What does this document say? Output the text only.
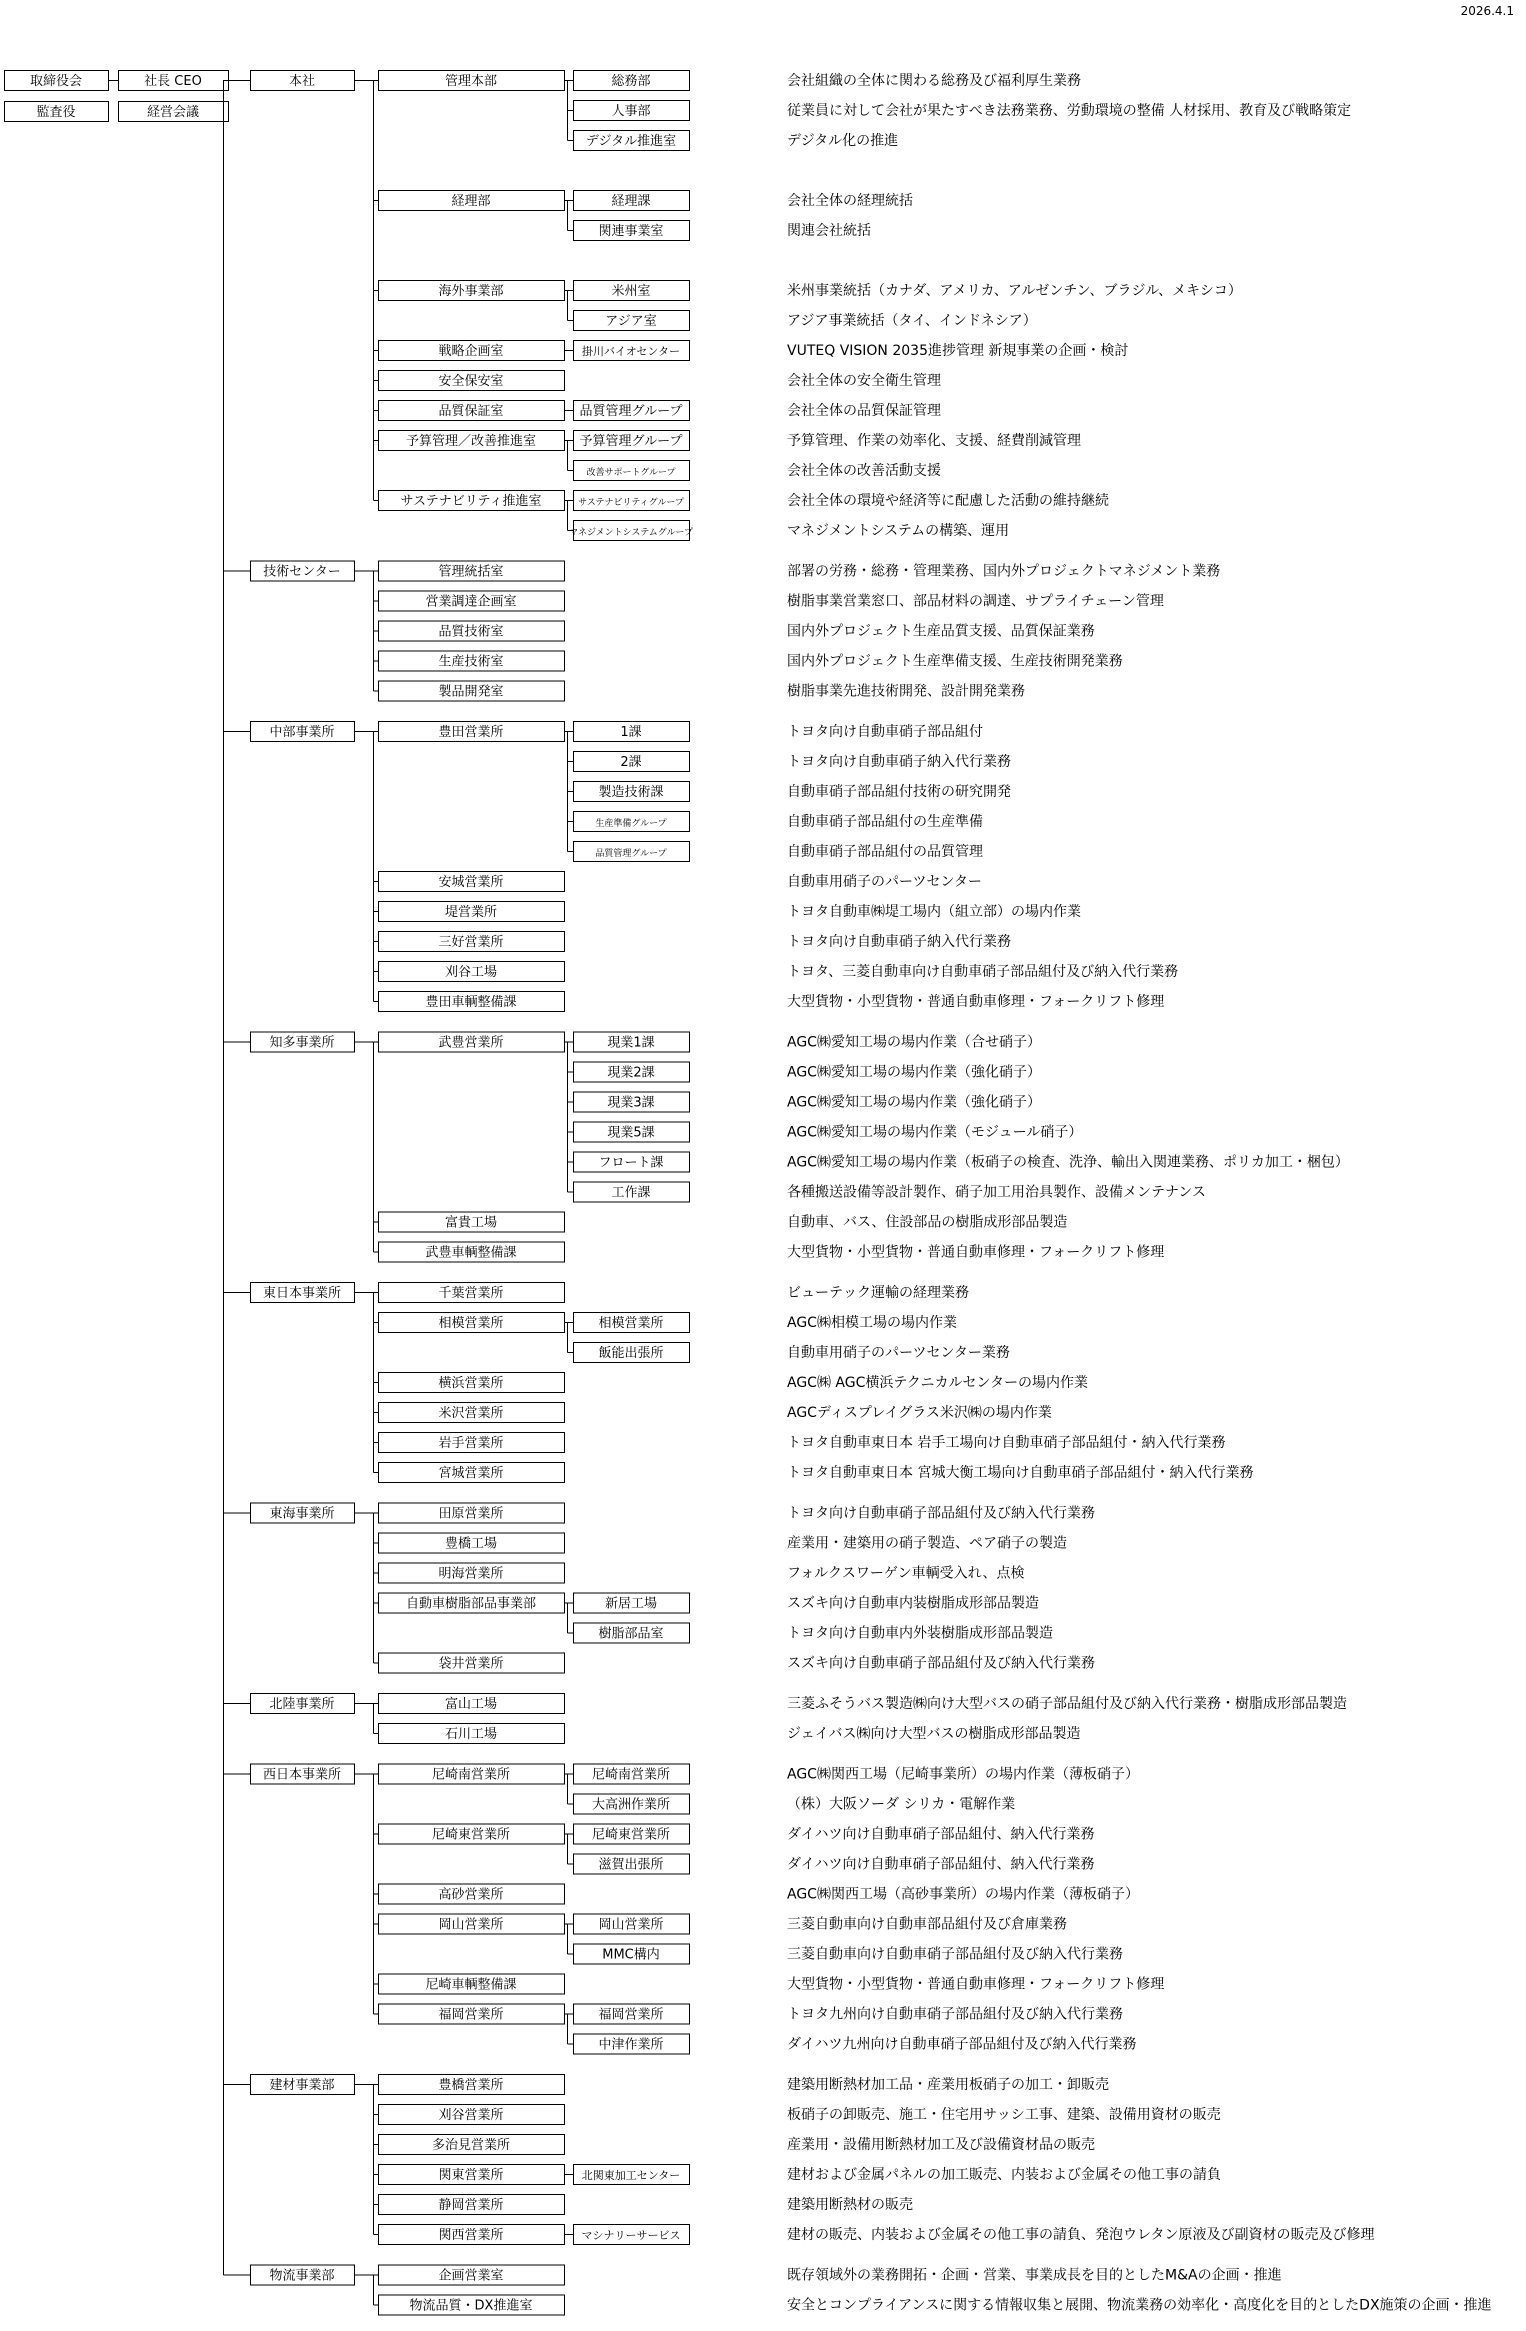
2026.4.1
取締役会	社長 CEO
監査役	経営会議
本社	管理本部	総務部	会社組織の全体に関わる総務及び福利厚生業務
人事部	従業員に対して会社が果たすべき法務業務、労動環境の整備 人材採用、教育及び戦略策定
デジタル推進室	デジタル化の推進
経理部	経理課	会社全体の経理統括
関連事業室	関連会社統括
海外事業部	米州室	米州事業統括（カナダ、アメリカ、アルゼンチン、ブラジル、メキシコ）
アジア室	アジア事業統括（タイ、インドネシア）
戦略企画室	掛川バイオセンター	VUTEQ VISION 2035進捗管理 新規事業の企画・検討
安全保安室	会社全体の安全衛生管理
品質保証室	品質管理グループ	会社全体の品質保証管理
予算管理／改善推進室	予算管理グループ	予算管理、作業の効率化、支援、経費削減管理
改善サポートグループ	会社全体の改善活動支援
サステナビリティ推進室	サステナビリティグループ	会社全体の環境や経済等に配慮した活動の維持継続
マネジメントシステムグループ	マネジメントシステムの構築、運用
技術センター	管理統括室	部署の労務・総務・管理業務、国内外プロジェクトマネジメント業務
営業調達企画室	樹脂事業営業窓口、部品材料の調達、サプライチェーン管理
品質技術室	国内外プロジェクト生産品質支援、品質保証業務
生産技術室	国内外プロジェクト生産準備支援、生産技術開発業務
製品開発室	樹脂事業先進技術開発、設計開発業務
中部事業所	豊田営業所	1課	トヨタ向け自動車硝子部品組付
2課	トヨタ向け自動車硝子納入代行業務
製造技術課	自動車硝子部品組付技術の研究開発
生産準備グループ	自動車硝子部品組付の生産準備
品質管理グループ	自動車硝子部品組付の品質管理
安城営業所	自動車用硝子のパーツセンター
堤営業所	トヨタ自動車㈱堤工場内（組立部）の場内作業
三好営業所	トヨタ向け自動車硝子納入代行業務
刈谷工場	トヨタ、三菱自動車向け自動車硝子部品組付及び納入代行業務
豊田車輌整備課	大型貨物・小型貨物・普通自動車修理・フォークリフト修理
知多事業所	武豊営業所	現業1課	AGC㈱愛知工場の場内作業（合せ硝子）
現業2課	AGC㈱愛知工場の場内作業（強化硝子）
現業3課	AGC㈱愛知工場の場内作業（強化硝子）
現業5課	AGC㈱愛知工場の場内作業（モジュール硝子）
フロート課	AGC㈱愛知工場の場内作業（板硝子の検査、洗浄、輸出入関連業務、ポリカ加工・梱包）
工作課	各種搬送設備等設計製作、硝子加工用治具製作、設備メンテナンス
富貴工場	自動車、バス、住設部品の樹脂成形部品製造
武豊車輌整備課	大型貨物・小型貨物・普通自動車修理・フォークリフト修理
東日本事業所	千葉営業所	ビューテック運輸の経理業務
相模営業所	相模営業所	AGC㈱相模工場の場内作業
飯能出張所	自動車用硝子のパーツセンター業務
横浜営業所	AGC㈱ AGC横浜テクニカルセンターの場内作業
米沢営業所	AGCディスプレイグラス米沢㈱の場内作業
岩手営業所	トヨタ自動車東日本 岩手工場向け自動車硝子部品組付・納入代行業務
宮城営業所	トヨタ自動車東日本 宮城大衡工場向け自動車硝子部品組付・納入代行業務
東海事業所	田原営業所	トヨタ向け自動車硝子部品組付及び納入代行業務
豊橋工場	産業用・建築用の硝子製造、ペア硝子の製造
明海営業所	フォルクスワーゲン車輌受入れ、点検
自動車樹脂部品事業部	新居工場	スズキ向け自動車内装樹脂成形部品製造
樹脂部品室	トヨタ向け自動車内外装樹脂成形部品製造
袋井営業所	スズキ向け自動車硝子部品組付及び納入代行業務
北陸事業所	富山工場	三菱ふそうバス製造㈱向け大型バスの硝子部品組付及び納入代行業務・樹脂成形部品製造
石川工場	ジェイバス㈱向け大型バスの樹脂成形部品製造
西日本事業所	尼崎南営業所	尼崎南営業所	AGC㈱関西工場（尼崎事業所）の場内作業（薄板硝子）
大高洲作業所	（株）大阪ソーダ シリカ・電解作業
尼崎東営業所	尼崎東営業所	ダイハツ向け自動車硝子部品組付、納入代行業務
滋賀出張所	ダイハツ向け自動車硝子部品組付、納入代行業務
高砂営業所	AGC㈱関西工場（高砂事業所）の場内作業（薄板硝子）
岡山営業所	岡山営業所	三菱自動車向け自動車部品組付及び倉庫業務
MMC構内	三菱自動車向け自動車硝子部品組付及び納入代行業務
尼崎車輌整備課	大型貨物・小型貨物・普通自動車修理・フォークリフト修理
福岡営業所	福岡営業所	トヨタ九州向け自動車硝子部品組付及び納入代行業務
中津作業所	ダイハツ九州向け自動車硝子部品組付及び納入代行業務
建材事業部	豊橋営業所	建築用断熱材加工品・産業用板硝子の加工・卸販売
刈谷営業所	板硝子の卸販売、施工・住宅用サッシ工事、建築、設備用資材の販売
多治見営業所	産業用・設備用断熱材加工及び設備資材品の販売
関東営業所	北関東加工センター	建材および金属パネルの加工販売、内装および金属その他工事の請負
静岡営業所	建築用断熱材の販売
関西営業所	マシナリーサービス	建材の販売、内装および金属その他工事の請負、発泡ウレタン原液及び副資材の販売及び修理
物流事業部	企画営業室	既存領域外の業務開拓・企画・営業、事業成長を目的としたM&Aの企画・推進
物流品質・DX推進室	安全とコンプライアンスに関する情報収集と展開、物流業務の効率化・高度化を目的としたDX施策の企画・推進
